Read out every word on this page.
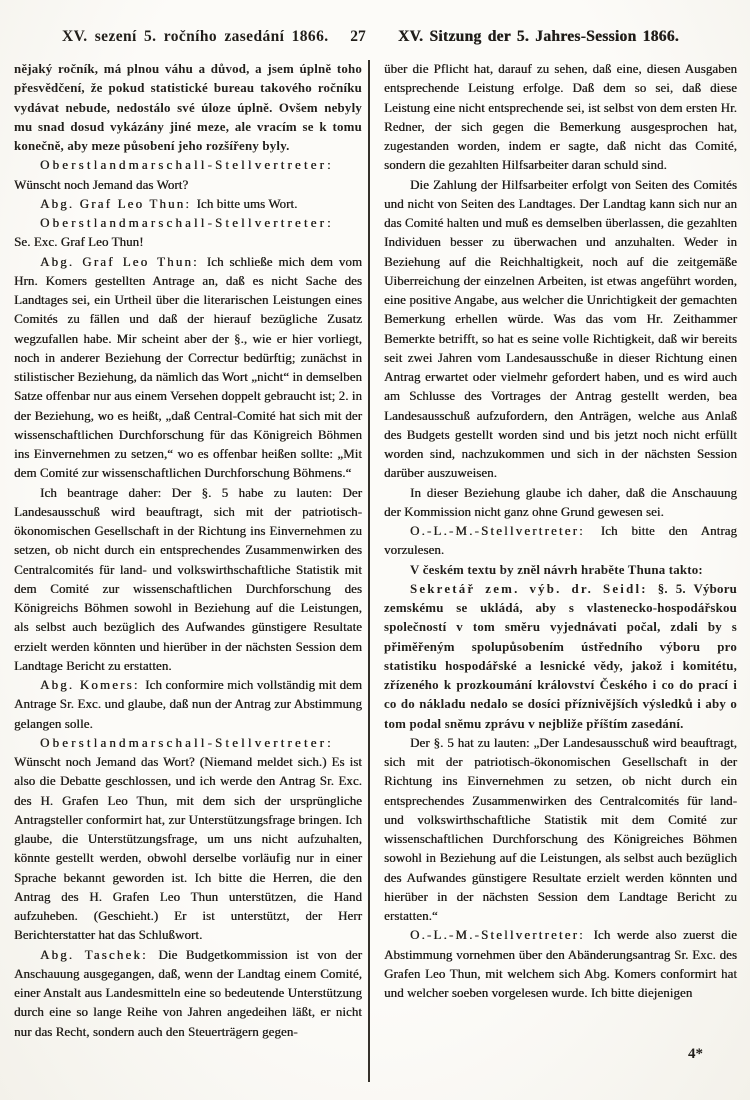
XV. sezení 5. ročního zasedání 1866.	27	XV. Sitzung der 5. Jahres-Session 1866.

nějaký ročník, má plnou váhu a důvod, a jsem úplně toho přesvědčení, že pokud statistické bureau takového ročníku vydávat nebude, nedostálo své úloze úplně. Ovšem nebyly mu snad dosud vykázány jiné meze, ale vracím se k tomu konečně, aby meze působení jeho rozšířeny byly.

Oberstlandmarschall-Stellvertreter:
Wünscht noch Jemand das Wort?

Abg. Graf Leo Thun: Ich bitte ums Wort.

Oberstlandmarschall-Stellvertreter:
Se. Exc. Graf Leo Thun!

Abg. Graf Leo Thun: Ich schließe mich dem vom Hrn. Komers gestellten Antrage an, daß es nicht Sache des Landtages sei, ein Urtheil über die literarischen Leistungen eines Comités zu fällen und daß der hierauf bezügliche Zusatz wegzufallen habe. Mir scheint aber der §., wie er hier vorliegt, noch in anderer Beziehung der Correctur bedürftig; zunächst in stilistischer Beziehung, da nämlich das Wort „nicht“ in demselben Satze offenbar nur aus einem Versehen doppelt gebraucht ist; 2. in der Beziehung, wo es heißt, „daß Central-Comité hat sich mit der wissenschaftlichen Durchforschung für das Königreich Böhmen ins Einvernehmen zu setzen,“ wo es offenbar heißen sollte: „Mit dem Comité zur wissenschaftlichen Durchforschung Böhmens.“

Ich beantrage daher: Der §. 5 habe zu lauten: Der Landesausschuß wird beauftragt, sich mit der patriotisch-ökonomischen Gesellschaft in der Richtung ins Einvernehmen zu setzen, ob nicht durch ein entsprechendes Zusammenwirken des Centralcomités für land- und volkswirthschaftliche Statistik mit dem Comité zur wissenschaftlichen Durchforschung des Königreichs Böhmen sowohl in Beziehung auf die Leistungen, als selbst auch bezüglich des Aufwandes günstigere Resultate erzielt werden könnten und hierüber in der nächsten Session dem Landtage Bericht zu erstatten.

Abg. Komers: Ich conformire mich vollständig mit dem Antrage Sr. Exc. und glaube, daß nun der Antrag zur Abstimmung gelangen solle.

Oberstlandmarschall-Stellvertreter:
Wünscht noch Jemand das Wort? (Niemand meldet sich.) Es ist also die Debatte geschlossen, und ich werde den Antrag Sr. Exc. des H. Grafen Leo Thun, mit dem sich der ursprüngliche Antragsteller conformirt hat, zur Unterstützungsfrage bringen. Ich glaube, die Unterstützungsfrage, um uns nicht aufzuhalten, könnte gestellt werden, obwohl derselbe vorläufig nur in einer Sprache bekannt geworden ist. Ich bitte die Herren, die den Antrag des H. Grafen Leo Thun unterstützen, die Hand aufzuheben. (Geschieht.) Er ist unterstützt, der Herr Berichterstatter hat das Schlußwort.

Abg. Taschek: Die Budgetkommission ist von der Anschauung ausgegangen, daß, wenn der Landtag einem Comité, einer Anstalt aus Landesmitteln eine so bedeutende Unterstützung durch eine so lange Reihe von Jahren angedeihen läßt, er nicht nur das Recht, sondern auch den Steuerträgern gegen-

über die Pflicht hat, darauf zu sehen, daß eine, diesen Ausgaben entsprechende Leistung erfolge. Daß dem so sei, daß diese Leistung eine nicht entsprechende sei, ist selbst von dem ersten Hr. Redner, der sich gegen die Bemerkung ausgesprochen hat, zugestanden worden, indem er sagte, daß nicht das Comité, sondern die gezahlten Hilfsarbeiter daran schuld sind.

Die Zahlung der Hilfsarbeiter erfolgt von Seiten des Comités und nicht von Seiten des Landtages. Der Landtag kann sich nur an das Comité halten und muß es demselben überlassen, die gezahlten Individuen besser zu überwachen und anzuhalten. Weder in Beziehung auf die Reichhaltigkeit, noch auf die zeitgemäße Uiberreichung der einzelnen Arbeiten, ist etwas angeführt worden, eine positive Angabe, aus welcher die Unrichtigkeit der gemachten Bemerkung erhellen würde. Was das vom Hr. Zeithammer Bemerkte betrifft, so hat es seine volle Richtigkeit, daß wir bereits seit zwei Jahren vom Landesausschuße in dieser Richtung einen Antrag erwartet oder vielmehr gefordert haben, und es wird auch am Schlusse des Vortrages der Antrag gestellt werden, bea Landesausschuß aufzufordern, den Anträgen, welche aus Anlaß des Budgets gestellt worden sind und bis jetzt noch nicht erfüllt worden sind, nachzukommen und sich in der nächsten Session darüber auszuweisen.

In dieser Beziehung glaube ich daher, daß die Anschauung der Kommission nicht ganz ohne Grund gewesen sei.

O.-L.-M.-Stellvertreter: Ich bitte den Antrag vorzulesen.

V českém textu by zněl návrh hraběte Thuna takto:

Sekretář zem. výb. dr. Seidl: §. 5. Výboru zemskému se ukládá, aby s vlastenecko-hospodářskou společností v tom směru vyjednávati počal, zdali by s přiměřeným spolupůsobením ústředního výboru pro statistiku hospodářské a lesnické vědy, jakož i komitétu, zřízeného k prozkoumání království Českého i co do prací i co do nákladu nedalo se dosíci příznivějších výsledků i aby o tom podal sněmu zprávu v nejbliže příštím zasedání.

Der §. 5 hat zu lauten: „Der Landesausschuß wird beauftragt, sich mit der patriotisch-ökonomischen Gesellschaft in der Richtung ins Einvernehmen zu setzen, ob nicht durch ein entsprechendes Zusammenwirken des Centralcomités für land- und volkswirthschaftliche Statistik mit dem Comité zur wissenschaftlichen Durchforschung des Königreiches Böhmen sowohl in Beziehung auf die Leistungen, als selbst auch bezüglich des Aufwandes günstigere Resultate erzielt werden könnten und hierüber in der nächsten Session dem Landtage Bericht zu erstatten.“

O.-L.-M.-Stellvertreter: Ich werde also zuerst die Abstimmung vornehmen über den Abänderungsantrag Sr. Exc. des Grafen Leo Thun, mit welchem sich Abg. Komers conformirt hat und welcher soeben vorgelesen wurde. Ich bitte diejenigen

4*
